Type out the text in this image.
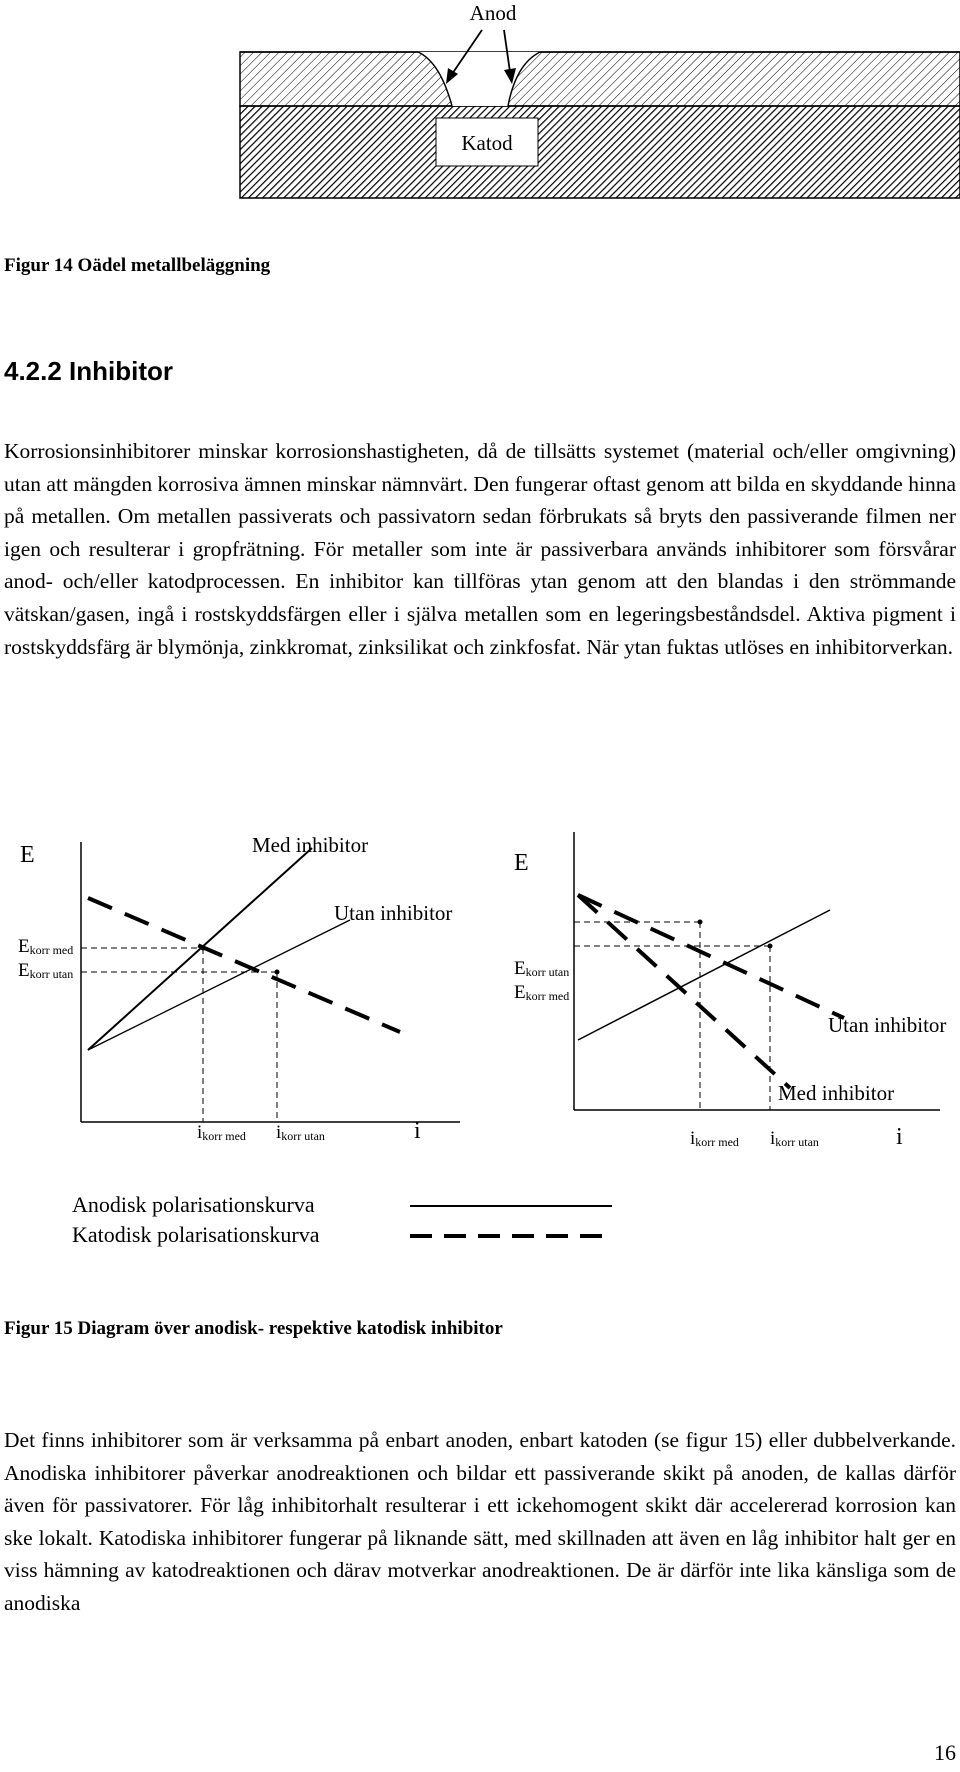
Katod
Anod
Figur 14 Oädel metallbeläggning
4.2.2 Inhibitor
Korrosionsinhibitorer minskar korrosionshastigheten, då de tillsätts systemet (material och/eller omgivning) utan att mängden korrosiva ämnen minskar nämnvärt. Den fungerar oftast genom att bilda en skyddande hinna på metallen. Om metallen passiverats och passivatorn sedan förbrukats så bryts den passiverande filmen ner igen och resulterar i gropfrätning. För metaller som inte är passiverbara används inhibitorer som försvårar anod- och/eller katodprocessen. En inhibitor kan tillföras ytan genom att den blandas i den strömmande vätskan/gasen, ingå i rostskyddsfärgen eller i själva metallen som en legeringsbeståndsdel. Aktiva pigment i rostskyddsfärg är blymönja, zinkkromat, zinksilikat och zinkfosfat. När ytan fuktas utlöses en inhibitorverkan.
E	Med inhibitor
Utan inhibitor
Ekorr med
Ekorr utan
ikorr med ikorr utan	i
E
Ekorr utan
Ekorr med
Utan inhibitor
Med inhibitor
ikorr med ikorr utan	i
Anodisk polarisationskurva
Katodisk polarisationskurva
Figur 15 Diagram över anodisk- respektive katodisk inhibitor
Det finns inhibitorer som är verksamma på enbart anoden, enbart katoden (se figur 15) eller dubbelverkande. Anodiska inhibitorer påverkar anodreaktionen och bildar ett passiverande skikt på anoden, de kallas därför även för passivatorer. För låg inhibitorhalt resulterar i ett ickehomogent skikt där accelererad korrosion kan ske lokalt. Katodiska inhibitorer fungerar på liknande sätt, med skillnaden att även en låg inhibitor halt ger en viss hämning av katodreaktionen och därav motverkar anodreaktionen. De är därför inte lika känsliga som de anodiska
16
